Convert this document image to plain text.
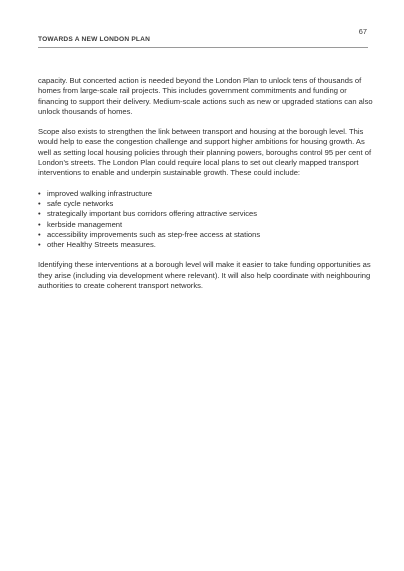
TOWARDS A NEW LONDON PLAN
67

capacity. But concerted action is needed beyond the London Plan to unlock tens of thousands of homes from large-scale rail projects. This includes government commitments and funding or financing to support their delivery. Medium-scale actions such as new or upgraded stations can also unlock thousands of homes.

Scope also exists to strengthen the link between transport and housing at the borough level. This would help to ease the congestion challenge and support higher ambitions for housing growth. As well as setting local housing policies through their planning powers, boroughs control 95 per cent of London’s streets. The London Plan could require local plans to set out clearly mapped transport interventions to enable and underpin sustainable growth. These could include:

• improved walking infrastructure
• safe cycle networks
• strategically important bus corridors offering attractive services
• kerbside management
• accessibility improvements such as step-free access at stations
• other Healthy Streets measures.

Identifying these interventions at a borough level will make it easier to take funding opportunities as they arise (including via development where relevant). It will also help coordinate with neighbouring authorities to create coherent transport networks.
